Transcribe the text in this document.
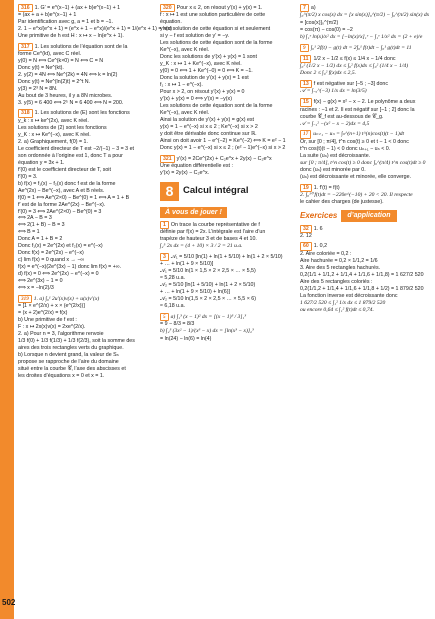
502
316 1. G′ = e^(x−1) + (ax + b)e^(x−1) + 1
= (ax + a + b)e^(x−1) + 1
Par identification avec g, a = 1 et b = −1.
2. 1 − e^x/(e^x + 1) = (e^x + 1 − e^x)/(e^x + 1) = 1/(e^x + 1) = h(x)
Une primitive de h est H : x ↦ x − ln(e^x + 1).
317 1. Les solutions de l’équation sont de la
forme Ce^(kt), avec C réel.
y(0) = N ⟺ Ce^(k×0) = N ⟺ C = N
Donc y(t) = Ne^(kt).
2. y(2) = 4N ⟺ Ne^(2k) = 4N ⟺ k = ln(2)
Donc y(t) = Ne^(ln(2)t) = 2^t N.
y(3) = 2³ N = 8N.
Au bout de 3 heures, il y a 8N microbes.
3. y(5) = 6 400 ⟺ 2⁵ N = 6 400 ⟺ N = 200.
318 1. Les solutions de (E) sont les fonctions
y_k : x ↦ ke^(2x), avec K réel.
Les solutions de (2) sont les fonctions
y_K : x ↦ Ke^(−x), avec K réel.
2. a) Graphiquement, f(0) = 1.
Le coefficient directeur de T est −2/(−1) − 3 = 3 et
son ordonnée à l’origine est 1, donc T a pour
équation y = 3x + 1.
f′(0) est le coefficient directeur de T, soit
f′(0) = 3.
b) f(x) = f₁(x) − f₂(x) donc f est de la forme
Ae^(2x) − Be^(−x), avec A et B réels.
f(0) = 1 ⟺ Ae^(2×0) − Be^(0) = 1 ⟺ A = 1 + B
f′ est de la forme 2Ae^(2x) − Be^(−x).
f′(0) = 3 ⟺ 2Ae^(2×0) − Be^(0) = 3
⟺ 2A − B = 3
⟺ 2(1 + B) − B = 3
⟺ B = 1
Donc A = 1 + B = 2
Donc f₁(x) = 2e^(2x) et f₂(x) = e^(−x)
Donc f(x) = 2e^(2x) − e^(−x)
c) lim f(x) = 0 quand x → −∞
f(x) = e^(−x)(2e^(3x) − 1) donc lim f(x) = +∞.
d) f(x) = 0 ⟺ 2e^(2x) − e^(−x) = 0
⟺ 2e^(3x) − 1 = 0
⟺ x = −ln(2)/3
319 1. a) ∫₀¹ 2u′(x)v(x) + u(x)v′(x)
= [1 × e^(2/x) + x × (e^(2/x))]
= (x + 2)e^(2/x) = f(x)
b) Une primitive de f est :
F : x ↦ 2x(x)v(x) = 2xe^(2/x).
2. a) Pour n = 3, l’algorithme renvoie
1/3 f(0) + 1/3 f(1/3) + 1/3 f(2/3), soit la somme des
aires des trois rectangles verts du graphique.
b) Lorsque n devient grand, la valeur de Sₙ
propose se rapproche de l’aire du domaine
situé entre la courbe 𝒞, l’axe des abscisses et
les droites d’équations x = 0 et x = 1.
320 Pour x ≤ 2, on résout y′(x) + y(x) = 1.
f : x ↦ 1 est une solution particulière de cette
équation.
y est solution de cette équation si et seulement
si y − f est solution de y′ = −y.
Les solutions de cette équation sont de la forme
Ke^(−x), avec K réel.
Donc les solutions de y′(x) + y(x) = 1 sont
y_K : x ↦ 1 + Ke^(−x), avec K réel.
y(0) = 0 ⟺ 1 + Ke^(−0) = 0 ⟺ K = −1.
Donc la solution de y′(x) + y(x) = 1 est
f₁ : x ↦ 1 − e^(−x).
Pour x > 2, on résout y′(x) + y(x) = 0
y′(x) + y(x) = 0 ⟺ y′(x) = −y(x)
Les solutions de cette équation sont de la forme
Ke^(−x), avec K réel.
Ainsi la solution de y′(x) + y(x) = g(x) est
y(x) = 1 − e^(−x) si x ≤ 2 ; Ke^(−x) si x > 2
y doit être dérivable donc continue sur ℝ.
Ainsi on doit avoir 1 − e^(−2) = Ke^(−2) ⟺ K = e² − 1
Donc y(x) = 1 − e^(−x) si x ≤ 2 ; (e² − 1)e^(−x) si x > 2
321 y′(x) = 2Ce^(2x) + C₂e^x + 2y(x) − C₂e^x
Une équation différentielle est :
y′(x) = 2y(x) − C₂e^x.
8	Calcul intégral
À vous de jouer !
1 On trace la courbe représentative de f
définie par f(x) = 2x. L’intégrale est l’aire d’un
trapèze de hauteur 3 et de bases 4 et 10.
∫₂⁵ 2x dx = (4 + 10) × 3 / 2 = 21 u.a.
3 𝒜₁ = 5/10 [ln(1) + ln(1 + 5/10) + ln(1 + 2 × 5/10)
+ … + ln(1 + 9 × 5/10)]
𝒜₁ = 5/10 ln(1 × 1,5 × 2 × 2,5 × … × 5,5)
≈ 5,28 u.a.
𝒜₂ = 5/10 [ln(1 + 5/10) + ln(1 + 2 × 5/10)
+ … + ln(1 + 9 × 5/10) + ln(6)]
𝒜₂ = 5/10 ln(1,5 × 2 × 2,5 × … × 5,5 × 6)
≈ 6,18 u.a.
5 a) ∫₁³ (x − 1)² dx = [(x − 1)³ / 3]₁³
= 9 − 8/3 = 8/3
b) ∫₂³ (3x² − 1)/(x³ − x) dx = [ln(x³ − x)]₂³
= ln(24) − ln(6) = ln(4)
7 a)
∫₀^(π/2) x cos(x) dx = [x sin(x)]₀^(π/2) − ∫₀^(π/2) sin(x) dx
= [cos(x)]₀^(π/2)
= cos(π) − cos(0) = −2
b) ∫₁ᵉ ln(x)/x² dx = [−ln(x)/x]₁ᵉ − ∫₁ᵉ 1/x² dx = (2 + e)/e
9 ∫₀¹ 2f(t) − g(t) dt = 2∫₀¹ f(t)dt − ∫₀¹ g(t)dt = 11
11 1/2 x − 1/2 ≤ f(x) ≤ 1/4 x − 1/4 donc
∫₀² (1/2 x − 1/2) dx ≤ ∫₀² f(x)dx ≤ ∫₀² (1/4 x − 1/4)
Donc 2 ≤ ∫₀² f(x)dx ≤ 2,5.
13 f est négative sur [−5 ; −3] donc
𝒜 = ∫₋₅^(−3) 1/x dx = ln(3/5)
15 f(x) − g(x) = x² − x − 2. Le polynôme a deux
racines : −1 et 2. Il est négatif sur [−1 ; 2] donc la
courbe 𝒞_f est au-dessous de 𝒞_g.
𝒜 = ∫₋₁² −(x² − x − 2)dx = 4,5
17 uₙ₊₁ − uₙ = ∫ₙ^(n+1) t^(n)cos(t)(t − 1)dt
Or, sur [0 ; π/4], t^n cos(t) ≥ 0 et t − 1 < 0 donc
t^n cos(t)(t − 1) < 0 donc uₙ₊₁ − uₙ < 0.
La suite (uₙ) est décroissante.
sur [0 ; π/4], t^n cos(t) ≥ 0 donc ∫₀^(π/4) t^n cos(t)dt ≥ 0
donc (uₙ) est minorée par 0.
(uₙ) est décroissante et minorée, elle converge.
19 1. f′(t) = f(t)
2. ∫₀¹⁰ f(t)dt = −220e^(−10) + 20 < 20. Il respecte
le cahier des charges (de justesse).
Exercices	d’application
32 1. 6
2. 12
60 1. 0,2
2. Aire coloriée = 0,2 :
Aire hachurée = 0,2 × 1/1,2 = 1/6
3. Aire des 5 rectangles hachurés.
0,2(1/1 + 1/1,2 + 1/1,4 + 1/1,6 + 1/1,8) = 1 627/2 520
Aire des 5 rectangles coloriés :
0,2(1/1,2 + 1/1,4 + 1/1,6 + 1/1,8 + 1/2) = 1 879/2 520
La fonction inverse est décroissante donc
1 627/2 520 ≤ ∫₁² 1/x dx ≤ 1 879/2 520
ou encore 0,64 ≤ ∫₁² f(t)dt ≤ 0,74.
